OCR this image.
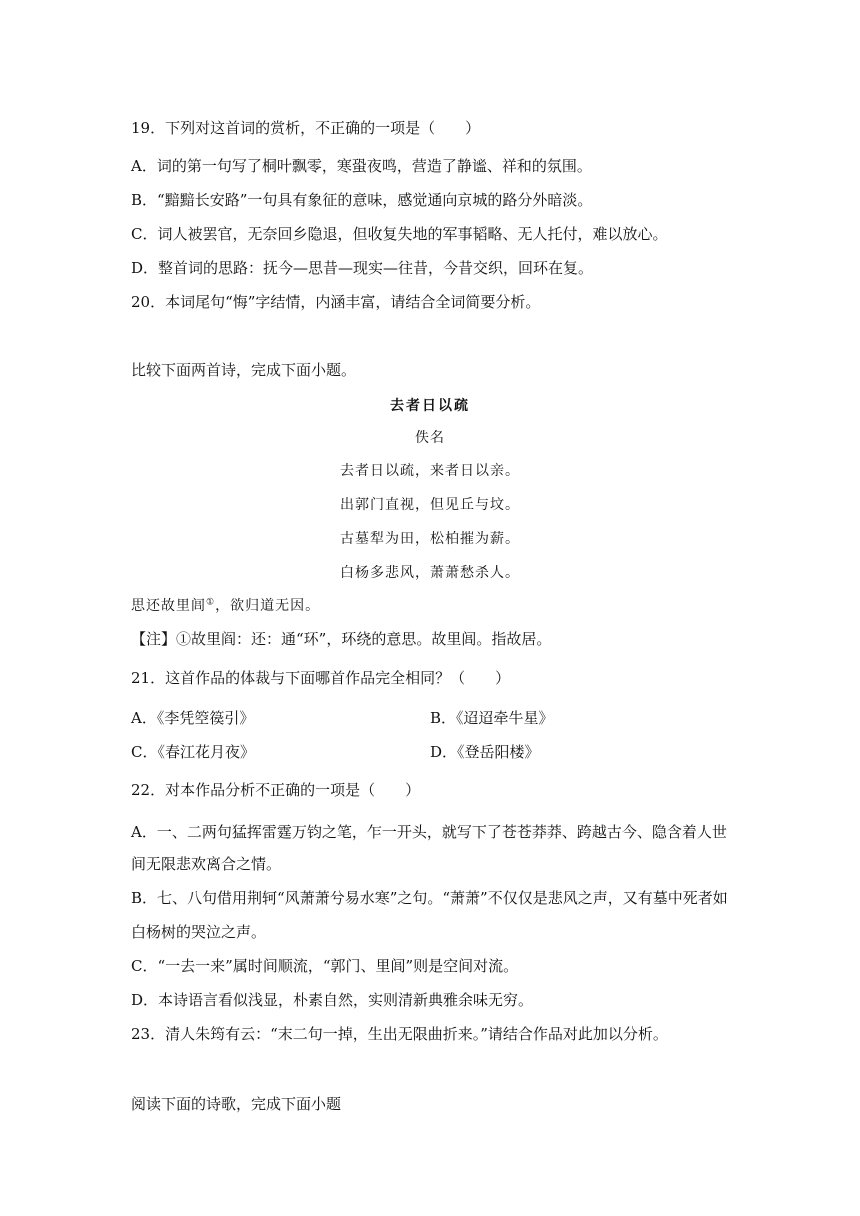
19．下列对这首词的赏析，不正确的一项是（　　）
A．词的第一句写了桐叶飘零，寒蛩夜鸣，营造了静谧、祥和的氛围。
B．“黯黯长安路”一句具有象征的意味，感觉通向京城的路分外暗淡。
C．词人被罢官，无奈回乡隐退，但收复失地的军事韬略、无人托付，难以放心。
D．整首词的思路：抚今—思昔—现实—往昔，今昔交织，回环在复。
20．本词尾句“悔”字结情，内涵丰富，请结合全词简要分析。
比较下面两首诗，完成下面小题。
去者日以疏
佚名
去者日以疏，来者日以亲。
出郭门直视，但见丘与坟。
古墓犁为田，松柏摧为薪。
白杨多悲风，萧萧愁杀人。
思还故里闾①，欲归道无因。
【注】①故里阎：还：通“环”，环绕的意思。故里闾。指故居。
21．这首作品的体裁与下面哪首作品完全相同？（　　）
A．《李凭箜篌引》	B．《迢迢牵牛星》
C．《春江花月夜》	D．《登岳阳楼》
22．对本作品分析不正确的一项是（　　）
A．一、二两句猛挥雷霆万钧之笔，乍一开头，就写下了苍苍莽莽、跨越古今、隐含着人世
间无限悲欢离合之情。
B．七、八句借用荆轲“风萧萧兮易水寒”之句。“萧萧”不仅仅是悲风之声，又有墓中死者如
白杨树的哭泣之声。
C．“一去一来”属时间顺流，“郭门、里闾”则是空间对流。
D．本诗语言看似浅显，朴素自然，实则清新典雅余味无穷。
23．清人朱筠有云：“末二句一掉，生出无限曲折来。”请结合作品对此加以分析。
阅读下面的诗歌，完成下面小题
